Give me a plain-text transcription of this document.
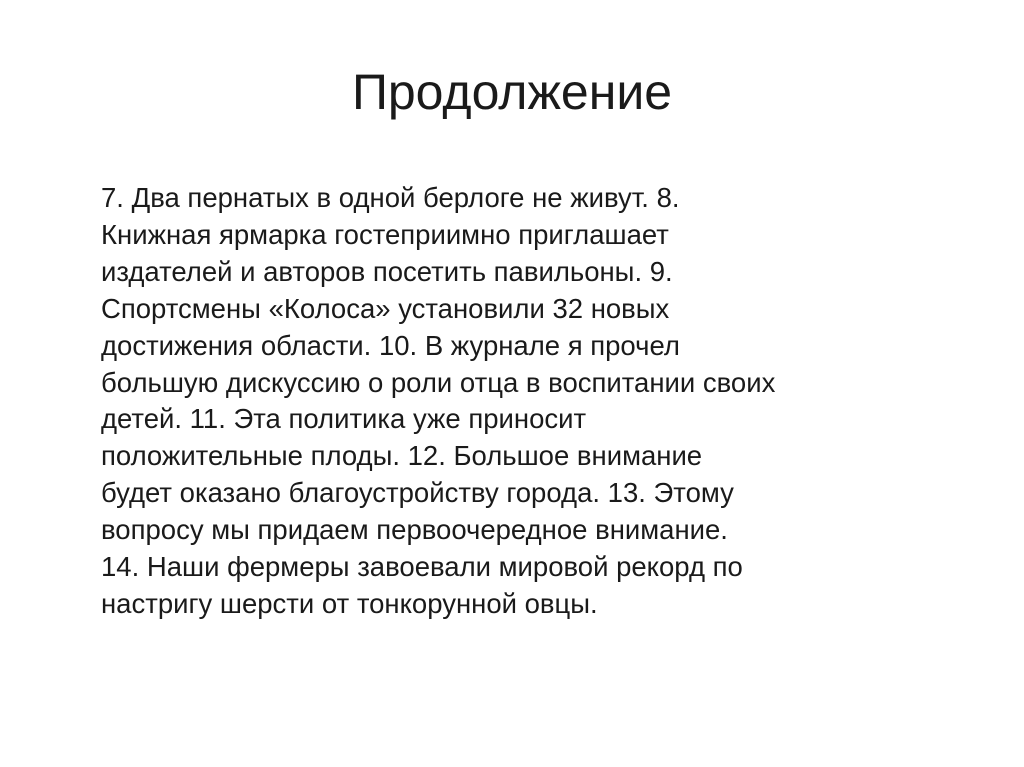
Продолжение
7. Два пернатых в одной берлоге не живут. 8.
Книжная ярмарка гостеприимно приглашает
издателей и авторов посетить павильоны. 9.
Спортсмены «Колоса» установили 32 новых
достижения области. 10. В журнале я прочел
большую дискуссию о роли отца в воспитании своих
детей. 11. Эта политика уже приносит
положительные плоды. 12. Большое внимание
будет оказано благоустройству города. 13. Этому
вопросу мы придаем первоочередное внимание.
14. Наши фермеры завоевали мировой рекорд по
настригу шерсти от тонкорунной овцы.
